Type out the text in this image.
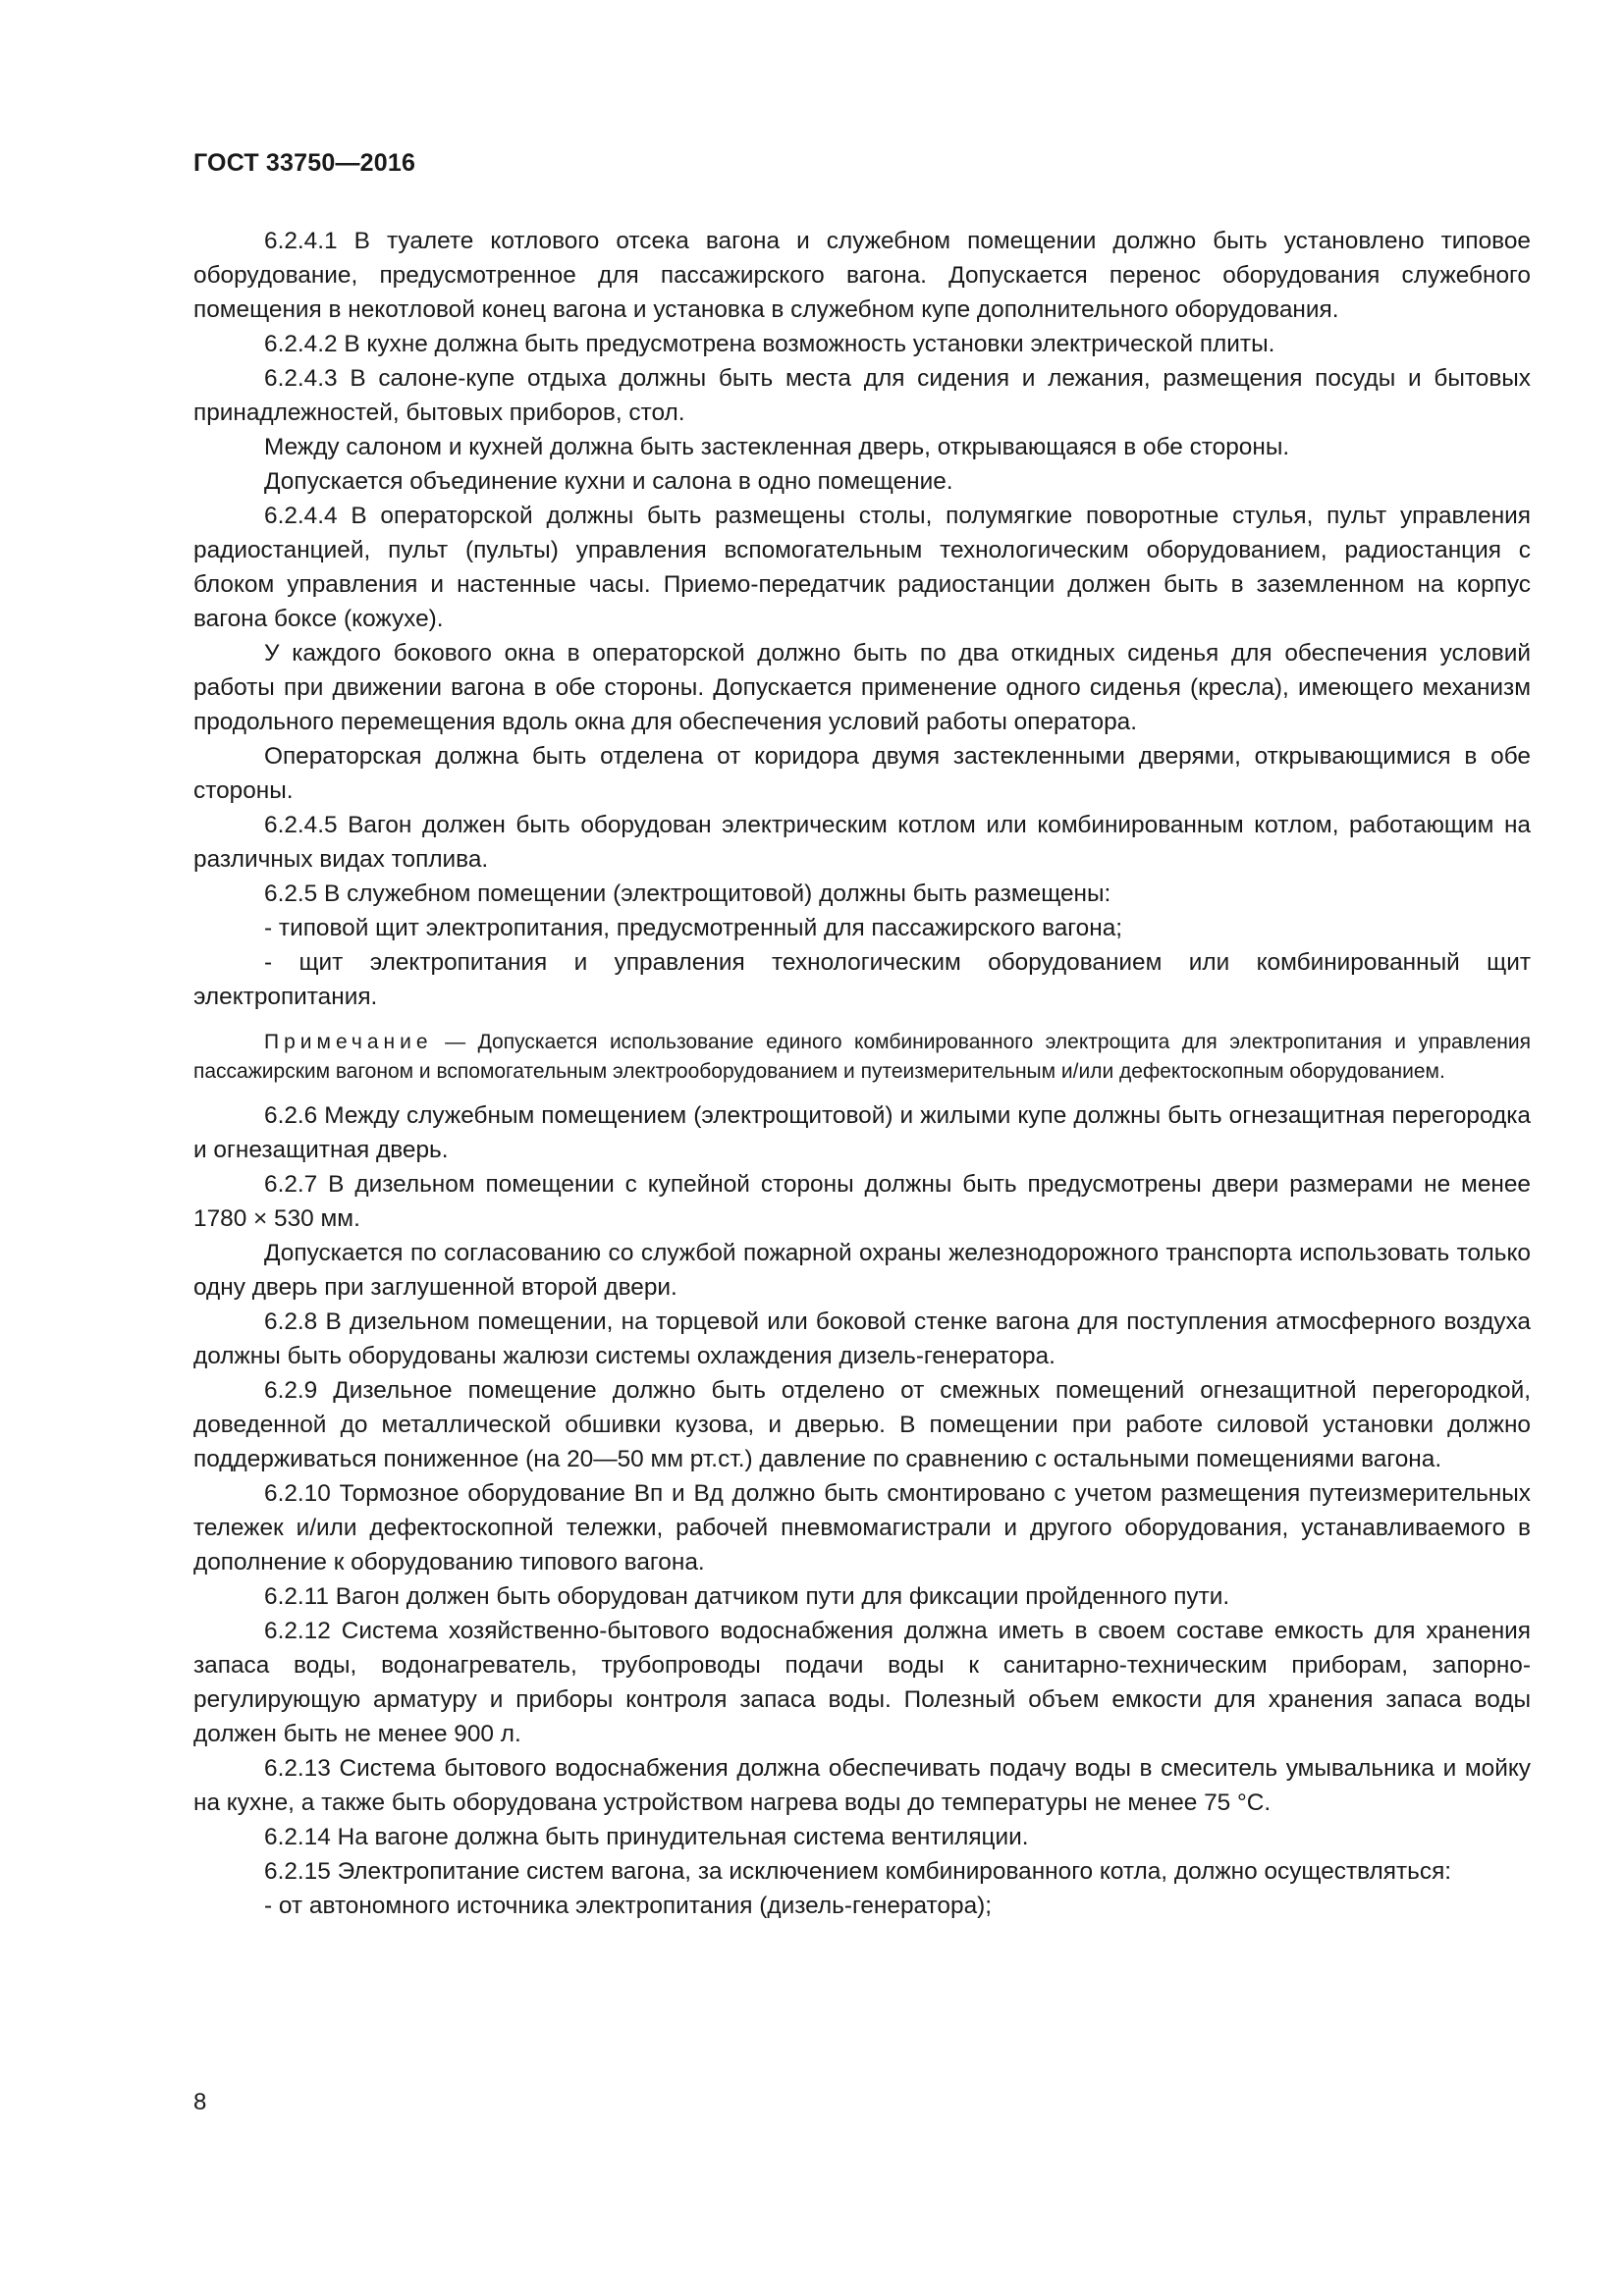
ГОСТ 33750—2016

6.2.4.1 В туалете котлового отсека вагона и служебном помещении должно быть установлено типовое оборудование, предусмотренное для пассажирского вагона. Допускается перенос оборудования служебного помещения в некотловой конец вагона и установка в служебном купе дополнительного оборудования.

6.2.4.2 В кухне должна быть предусмотрена возможность установки электрической плиты.

6.2.4.3 В салоне-купе отдыха должны быть места для сидения и лежания, размещения посуды и бытовых принадлежностей, бытовых приборов, стол.

Между салоном и кухней должна быть застекленная дверь, открывающаяся в обе стороны.

Допускается объединение кухни и салона в одно помещение.

6.2.4.4 В операторской должны быть размещены столы, полумягкие поворотные стулья, пульт управления радиостанцией, пульт (пульты) управления вспомогательным технологическим оборудованием, радиостанция с блоком управления и настенные часы. Приемо-передатчик радиостанции должен быть в заземленном на корпус вагона боксе (кожухе).

У каждого бокового окна в операторской должно быть по два откидных сиденья для обеспечения условий работы при движении вагона в обе стороны. Допускается применение одного сиденья (кресла), имеющего механизм продольного перемещения вдоль окна для обеспечения условий работы оператора.

Операторская должна быть отделена от коридора двумя застекленными дверями, открывающимися в обе стороны.

6.2.4.5 Вагон должен быть оборудован электрическим котлом или комбинированным котлом, работающим на различных видах топлива.

6.2.5 В служебном помещении (электрощитовой) должны быть размещены:

- типовой щит электропитания, предусмотренный для пассажирского вагона;

- щит электропитания и управления технологическим оборудованием или комбинированный щит электропитания.

Примечание — Допускается использование единого комбинированного электрощита для электропитания и управления пассажирским вагоном и вспомогательным электрооборудованием и путеизмерительным и/или дефектоскопным оборудованием.

6.2.6 Между служебным помещением (электрощитовой) и жилыми купе должны быть огнезащитная перегородка и огнезащитная дверь.

6.2.7 В дизельном помещении с купейной стороны должны быть предусмотрены двери размерами не менее 1780 × 530 мм.

Допускается по согласованию со службой пожарной охраны железнодорожного транспорта использовать только одну дверь при заглушенной второй двери.

6.2.8 В дизельном помещении, на торцевой или боковой стенке вагона для поступления атмосферного воздуха должны быть оборудованы жалюзи системы охлаждения дизель-генератора.

6.2.9 Дизельное помещение должно быть отделено от смежных помещений огнезащитной перегородкой, доведенной до металлической обшивки кузова, и дверью. В помещении при работе силовой установки должно поддерживаться пониженное (на 20—50 мм рт.ст.) давление по сравнению с остальными помещениями вагона.

6.2.10 Тормозное оборудование Вп и Вд должно быть смонтировано с учетом размещения путеизмерительных тележек и/или дефектоскопной тележки, рабочей пневмомагистрали и другого оборудования, устанавливаемого в дополнение к оборудованию типового вагона.

6.2.11 Вагон должен быть оборудован датчиком пути для фиксации пройденного пути.

6.2.12 Система хозяйственно-бытового водоснабжения должна иметь в своем составе емкость для хранения запаса воды, водонагреватель, трубопроводы подачи воды к санитарно-техническим приборам, запорно-регулирующую арматуру и приборы контроля запаса воды. Полезный объем емкости для хранения запаса воды должен быть не менее 900 л.

6.2.13 Система бытового водоснабжения должна обеспечивать подачу воды в смеситель умывальника и мойку на кухне, а также быть оборудована устройством нагрева воды до температуры не менее 75 °С.

6.2.14 На вагоне должна быть принудительная система вентиляции.

6.2.15 Электропитание систем вагона, за исключением комбинированного котла, должно осуществляться:

- от автономного источника электропитания (дизель-генератора);

8
